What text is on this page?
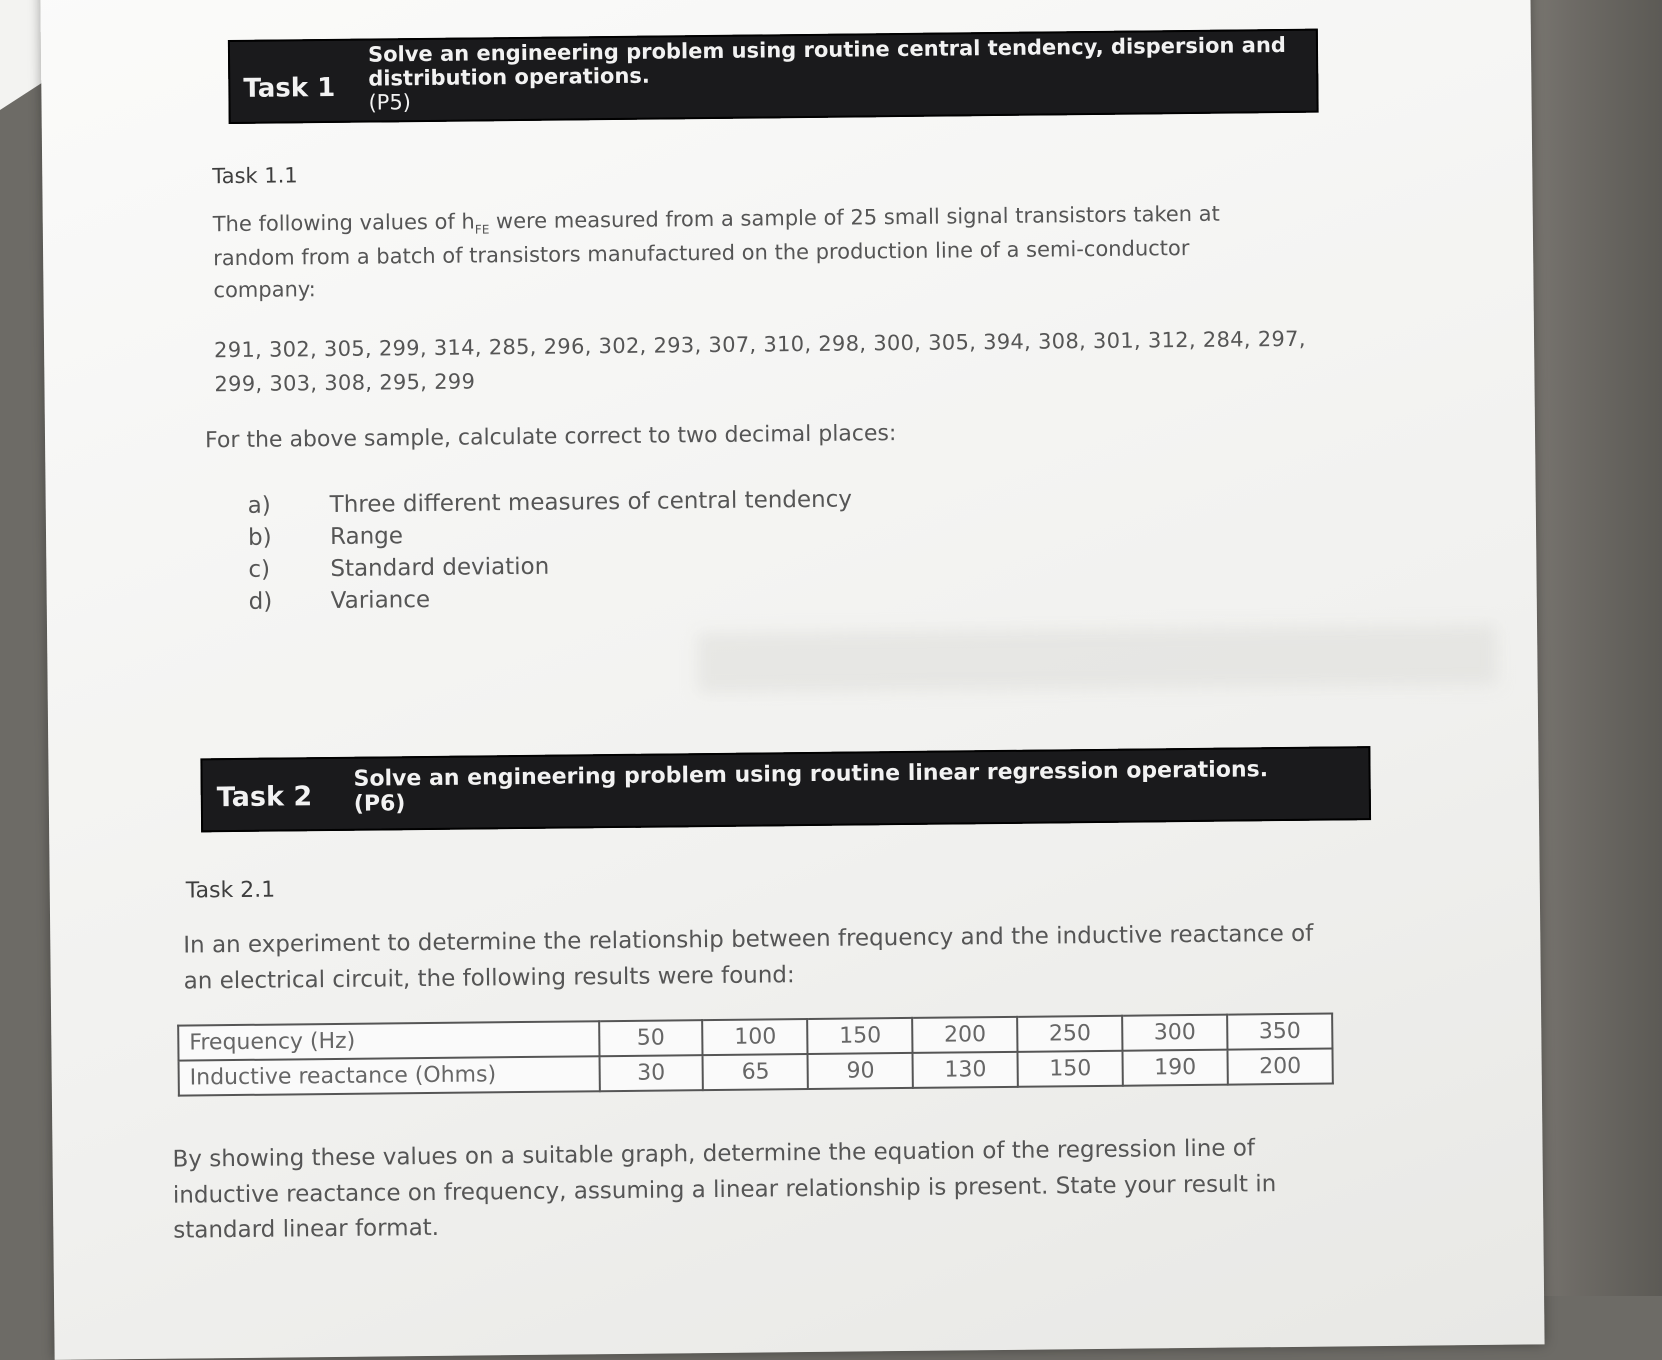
Task 1
Solve an engineering problem using routine central tendency, dispersion and
distribution operations.
(P5)
Task 1.1
The following values of $h_{FE}$ were measured from a sample of 25 small signal transistors taken at
random from a batch of transistors manufactured on the production line of a semi-conductor
company:
291, 302, 305, 299, 314, 285, 296, 302, 293, 307, 310, 298, 300, 305, 394, 308, 301, 312, 284, 297,
299, 303, 308, 295, 299
For the above sample, calculate correct to two decimal places:
a)	Three different measures of central tendency
b)	Range
c)	Standard deviation
d)	Variance
Task 2
Solve an engineering problem using routine linear regression operations.
(P6)
Task 2.1
In an experiment to determine the relationship between frequency and the inductive reactance of
an electrical circuit, the following results were found:
Frequency (Hz)	50	100	150	200	250	300	350
Inductive reactance (Ohms)	30	65	90	130	150	190	200
By showing these values on a suitable graph, determine the equation of the regression line of
inductive reactance on frequency, assuming a linear relationship is present. State your result in
standard linear format.
